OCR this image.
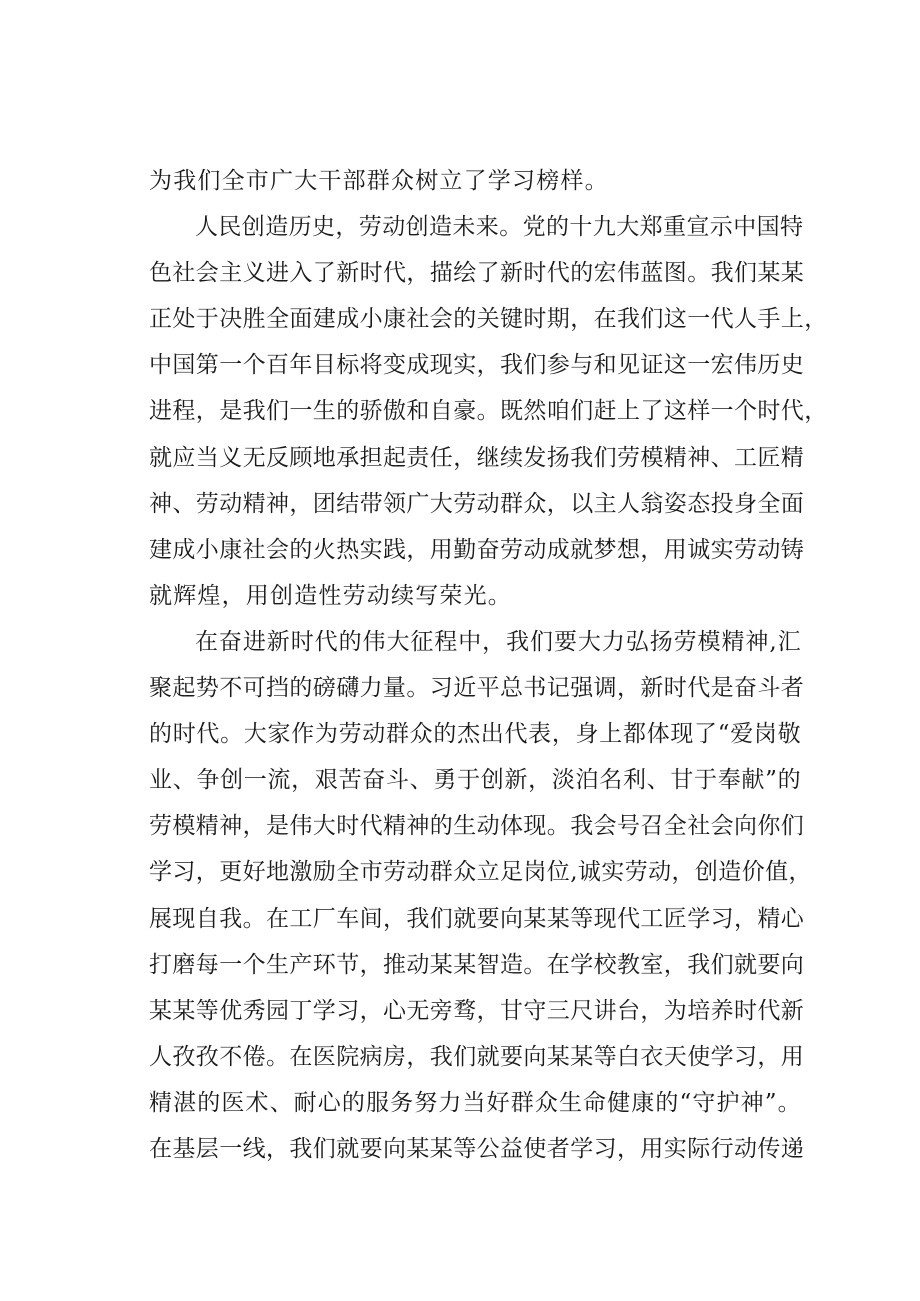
为我们全市广大干部群众树立了学习榜样。
人民创造历史，劳动创造未来。党的十九大郑重宣示中国特
色社会主义进入了新时代，描绘了新时代的宏伟蓝图。我们某某
正处于决胜全面建成小康社会的关键时期，在我们这一代人手上，
中国第一个百年目标将变成现实，我们参与和见证这一宏伟历史
进程，是我们一生的骄傲和自豪。既然咱们赶上了这样一个时代，
就应当义无反顾地承担起责任，继续发扬我们劳模精神、工匠精
神、劳动精神，团结带领广大劳动群众，以主人翁姿态投身全面
建成小康社会的火热实践，用勤奋劳动成就梦想，用诚实劳动铸
就辉煌，用创造性劳动续写荣光。
在奋进新时代的伟大征程中，我们要大力弘扬劳模精神,汇
聚起势不可挡的磅礴力量。习近平总书记强调，新时代是奋斗者
的时代。大家作为劳动群众的杰出代表，身上都体现了“爱岗敬
业、争创一流，艰苦奋斗、勇于创新，淡泊名利、甘于奉献”的
劳模精神，是伟大时代精神的生动体现。我会号召全社会向你们
学习，更好地激励全市劳动群众立足岗位,诚实劳动，创造价值，
展现自我。在工厂车间，我们就要向某某等现代工匠学习，精心
打磨每一个生产环节，推动某某智造。在学校教室，我们就要向
某某等优秀园丁学习，心无旁骛，甘守三尺讲台，为培养时代新
人孜孜不倦。在医院病房，我们就要向某某等白衣天使学习，用
精湛的医术、耐心的服务努力当好群众生命健康的“守护神”。
在基层一线，我们就要向某某等公益使者学习，用实际行动传递
